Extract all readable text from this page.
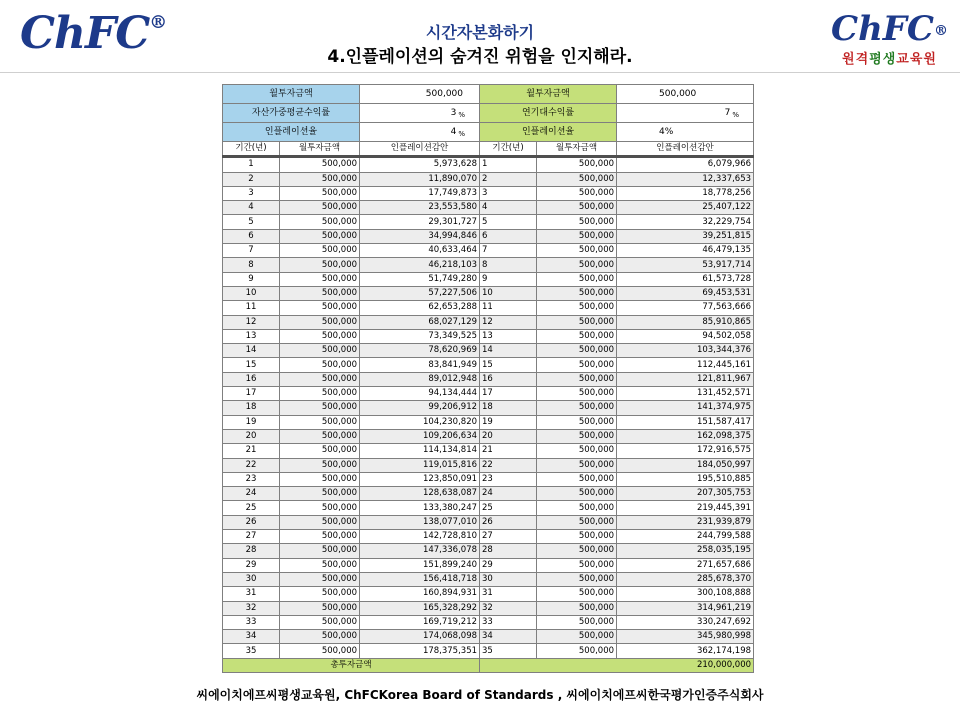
ChFC®	ChFC®
원격평생교육원
시간자본화하기
4.인플레이션의 숨겨진 위험을 인지해라.
월투자금액		500,000	월투자금액		500,000
자산가중평균수익률		3 $_{\%}$	연기대수익률		7 $_{\%}$
인플레이션율		4 $_{\%}$	인플레이션율		4%
기간(년)	월투자금액	인플레이션감안	기간(년)	월투자금액	인플레이션감안
1	500,000	5,973,628	1	500,000	6,079,966
2	500,000	11,890,070	2	500,000	12,337,653
3	500,000	17,749,873	3	500,000	18,778,256
4	500,000	23,553,580	4	500,000	25,407,122
5	500,000	29,301,727	5	500,000	32,229,754
6	500,000	34,994,846	6	500,000	39,251,815
7	500,000	40,633,464	7	500,000	46,479,135
8	500,000	46,218,103	8	500,000	53,917,714
9	500,000	51,749,280	9	500,000	61,573,728
10	500,000	57,227,506	10	500,000	69,453,531
11	500,000	62,653,288	11	500,000	77,563,666
12	500,000	68,027,129	12	500,000	85,910,865
13	500,000	73,349,525	13	500,000	94,502,058
14	500,000	78,620,969	14	500,000	103,344,376
15	500,000	83,841,949	15	500,000	112,445,161
16	500,000	89,012,948	16	500,000	121,811,967
17	500,000	94,134,444	17	500,000	131,452,571
18	500,000	99,206,912	18	500,000	141,374,975
19	500,000	104,230,820	19	500,000	151,587,417
20	500,000	109,206,634	20	500,000	162,098,375
21	500,000	114,134,814	21	500,000	172,916,575
22	500,000	119,015,816	22	500,000	184,050,997
23	500,000	123,850,091	23	500,000	195,510,885
24	500,000	128,638,087	24	500,000	207,305,753
25	500,000	133,380,247	25	500,000	219,445,391
26	500,000	138,077,010	26	500,000	231,939,879
27	500,000	142,728,810	27	500,000	244,799,588
28	500,000	147,336,078	28	500,000	258,035,195
29	500,000	151,899,240	29	500,000	271,657,686
30	500,000	156,418,718	30	500,000	285,678,370
31	500,000	160,894,931	31	500,000	300,108,888
32	500,000	165,328,292	32	500,000	314,961,219
33	500,000	169,719,212	33	500,000	330,247,692
34	500,000	174,068,098	34	500,000	345,980,998
35	500,000	178,375,351	35	500,000	362,174,198
총투자금액			210,000,000		
씨에이치에프씨평생교육원, ChFCKorea Board of Standards , 씨에이치에프씨한국평가인증주식회사
